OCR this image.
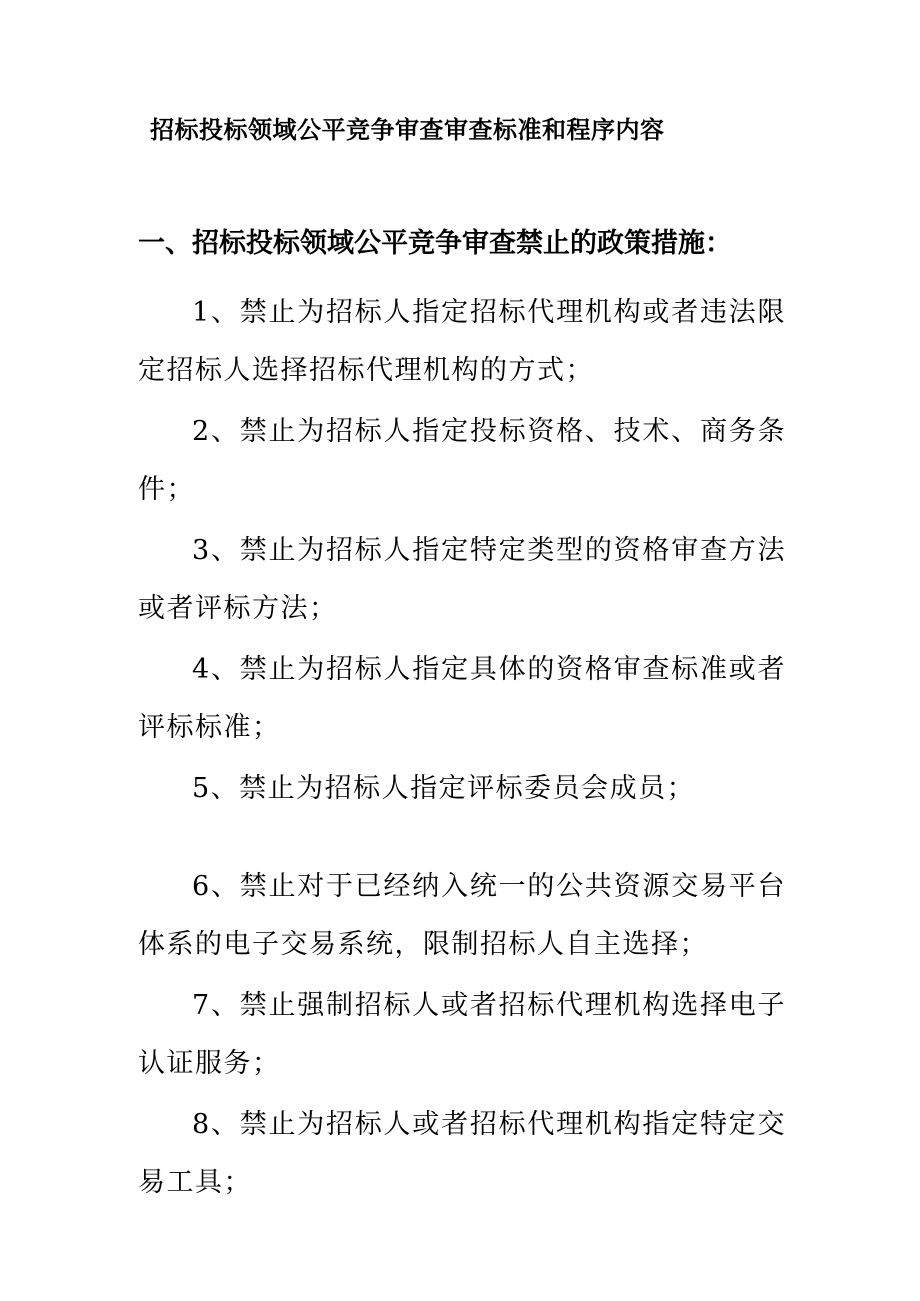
招标投标领域公平竞争审查审查标准和程序内容
一、招标投标领域公平竞争审查禁止的政策措施：

1、禁止为招标人指定招标代理机构或者违法限定招标人选择招标代理机构的方式；

2、禁止为招标人指定投标资格、技术、商务条件；

3、禁止为招标人指定特定类型的资格审查方法或者评标方法；

4、禁止为招标人指定具体的资格审查标准或者评标标准；

5、禁止为招标人指定评标委员会成员；

6、禁止对于已经纳入统一的公共资源交易平台体系的电子交易系统，限制招标人自主选择；

7、禁止强制招标人或者招标代理机构选择电子认证服务；

8、禁止为招标人或者招标代理机构指定特定交易工具；
